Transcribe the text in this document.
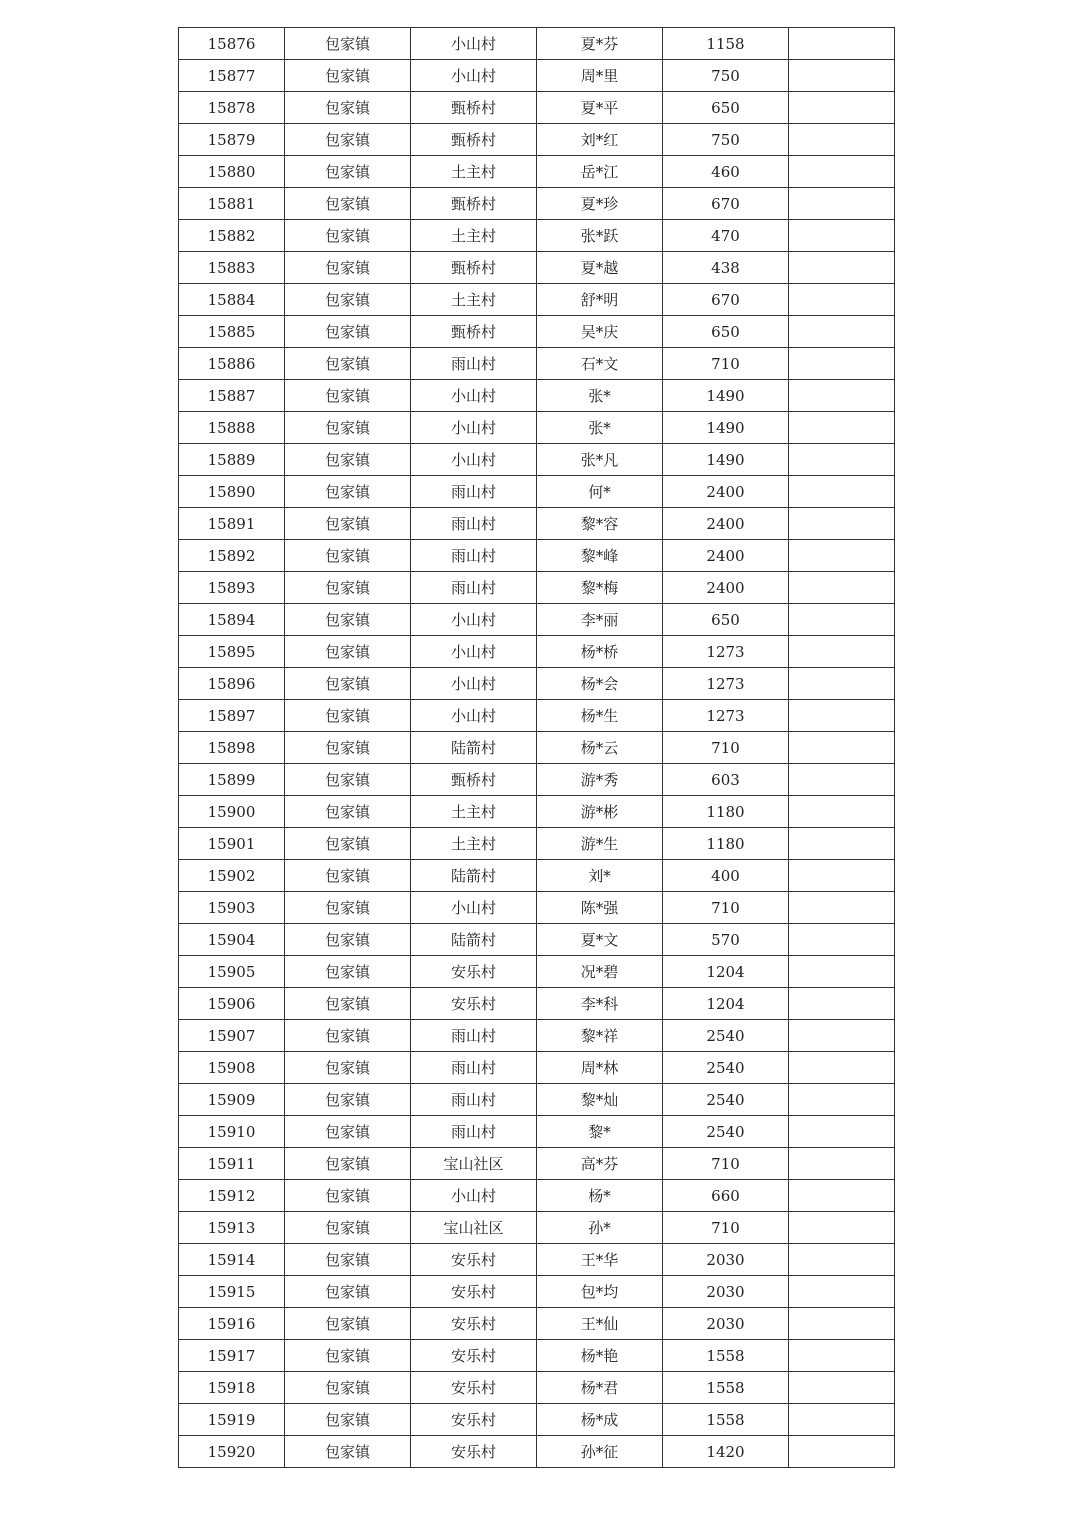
15876	包家镇	小山村	夏*芬	1158	
15877	包家镇	小山村	周*里	750	
15878	包家镇	甄桥村	夏*平	650	
15879	包家镇	甄桥村	刘*红	750	
15880	包家镇	土主村	岳*江	460	
15881	包家镇	甄桥村	夏*珍	670	
15882	包家镇	土主村	张*跃	470	
15883	包家镇	甄桥村	夏*越	438	
15884	包家镇	土主村	舒*明	670	
15885	包家镇	甄桥村	吴*庆	650	
15886	包家镇	雨山村	石*文	710	
15887	包家镇	小山村	张*	1490	
15888	包家镇	小山村	张*	1490	
15889	包家镇	小山村	张*凡	1490	
15890	包家镇	雨山村	何*	2400	
15891	包家镇	雨山村	黎*容	2400	
15892	包家镇	雨山村	黎*峰	2400	
15893	包家镇	雨山村	黎*梅	2400	
15894	包家镇	小山村	李*丽	650	
15895	包家镇	小山村	杨*桥	1273	
15896	包家镇	小山村	杨*会	1273	
15897	包家镇	小山村	杨*生	1273	
15898	包家镇	陆箭村	杨*云	710	
15899	包家镇	甄桥村	游*秀	603	
15900	包家镇	土主村	游*彬	1180	
15901	包家镇	土主村	游*生	1180	
15902	包家镇	陆箭村	刘*	400	
15903	包家镇	小山村	陈*强	710	
15904	包家镇	陆箭村	夏*文	570	
15905	包家镇	安乐村	况*碧	1204	
15906	包家镇	安乐村	李*科	1204	
15907	包家镇	雨山村	黎*祥	2540	
15908	包家镇	雨山村	周*林	2540	
15909	包家镇	雨山村	黎*灿	2540	
15910	包家镇	雨山村	黎*	2540	
15911	包家镇	宝山社区	高*芬	710	
15912	包家镇	小山村	杨*	660	
15913	包家镇	宝山社区	孙*	710	
15914	包家镇	安乐村	王*华	2030	
15915	包家镇	安乐村	包*均	2030	
15916	包家镇	安乐村	王*仙	2030	
15917	包家镇	安乐村	杨*艳	1558	
15918	包家镇	安乐村	杨*君	1558	
15919	包家镇	安乐村	杨*成	1558	
15920	包家镇	安乐村	孙*征	1420	
